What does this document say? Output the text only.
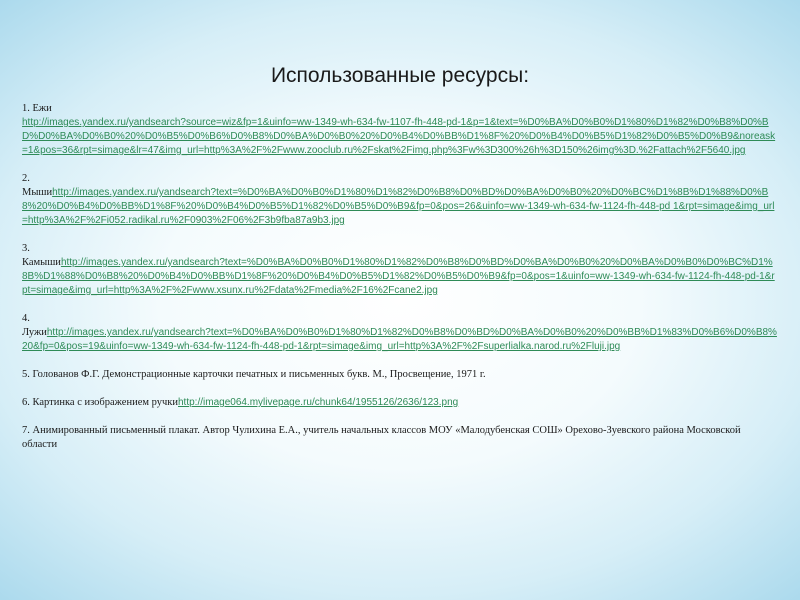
Использованные ресурсы:
1. Ежи
http://images.yandex.ru/yandsearch?source=wiz&fp=1&uinfo=ww-1349-wh-634-fw-1107-fh-448-pd-1&p=1&text=%D0%BA%D0%B0%D1%80%D1%82%D0%B8%D0%BD%D0%BA%D0%B0%20%D0%B5%D0%B6%D0%B8%D0%BA%D0%B0%20%D0%B4%D0%BB%D1%8F%20%D0%B4%D0%B5%D1%82%D0%B5%D0%B9&noreask=1&pos=36&rpt=simage&lr=47&img_url=http%3A%2F%2Fwww.zooclub.ru%2Fskat%2Fimg.php%3Fw%3D300%26h%3D150%26img%3D.%2Fattach%2F5640.jpg
2.
Мышиhttp://images.yandex.ru/yandsearch?text=%D0%BA%D0%B0%D1%80%D1%82%D0%B8%D0%BD%D0%BA%D0%B0%20%D0%BC%D1%8B%D1%88%D0%B8%20%D0%B4%D0%BB%D1%8F%20%D0%B4%D0%B5%D1%82%D0%B5%D0%B9&fp=0&pos=26&uinfo=ww-1349-wh-634-fw-1124-fh-448-pd 1&rpt=simage&img_url=http%3A%2F%2Fi052.radikal.ru%2F0903%2F06%2F3b9fba87a9b3.jpg
3.
Камышиhttp://images.yandex.ru/yandsearch?text=%D0%BA%D0%B0%D1%80%D1%82%D0%B8%D0%BD%D0%BA%D0%B0%20%D0%BA%D0%B0%D0%BC%D1%8B%D1%88%D0%B8%20%D0%B4%D0%BB%D1%8F%20%D0%B4%D0%B5%D1%82%D0%B5%D0%B9&fp=0&pos=1&uinfo=ww-1349-wh-634-fw-1124-fh-448-pd-1&rpt=simage&img_url=http%3A%2F%2Fwww.xsunx.ru%2Fdata%2Fmedia%2F16%2Fcane2.jpg
4.
Лужиhttp://images.yandex.ru/yandsearch?text=%D0%BA%D0%B0%D1%80%D1%82%D0%B8%D0%BD%D0%BA%D0%B0%20%D0%BB%D1%83%D0%B6%D0%B8%20&fp=0&pos=19&uinfo=ww-1349-wh-634-fw-1124-fh-448-pd-1&rpt=simage&img_url=http%3A%2F%2Fsuperlialka.narod.ru%2Fluji.jpg
5. Голованов Ф.Г. Демонстрационные карточки печатных и письменных букв. М., Просвещение, 1971 г.
6. Картинка с изображением ручкиhttp://image064.mylivepage.ru/chunk64/1955126/2636/123.png
7. Анимированный письменный плакат. Автор Чулихина Е.А., учитель начальных классов МОУ «Малодубенская СОШ» Орехово-Зуевского района Московской области
